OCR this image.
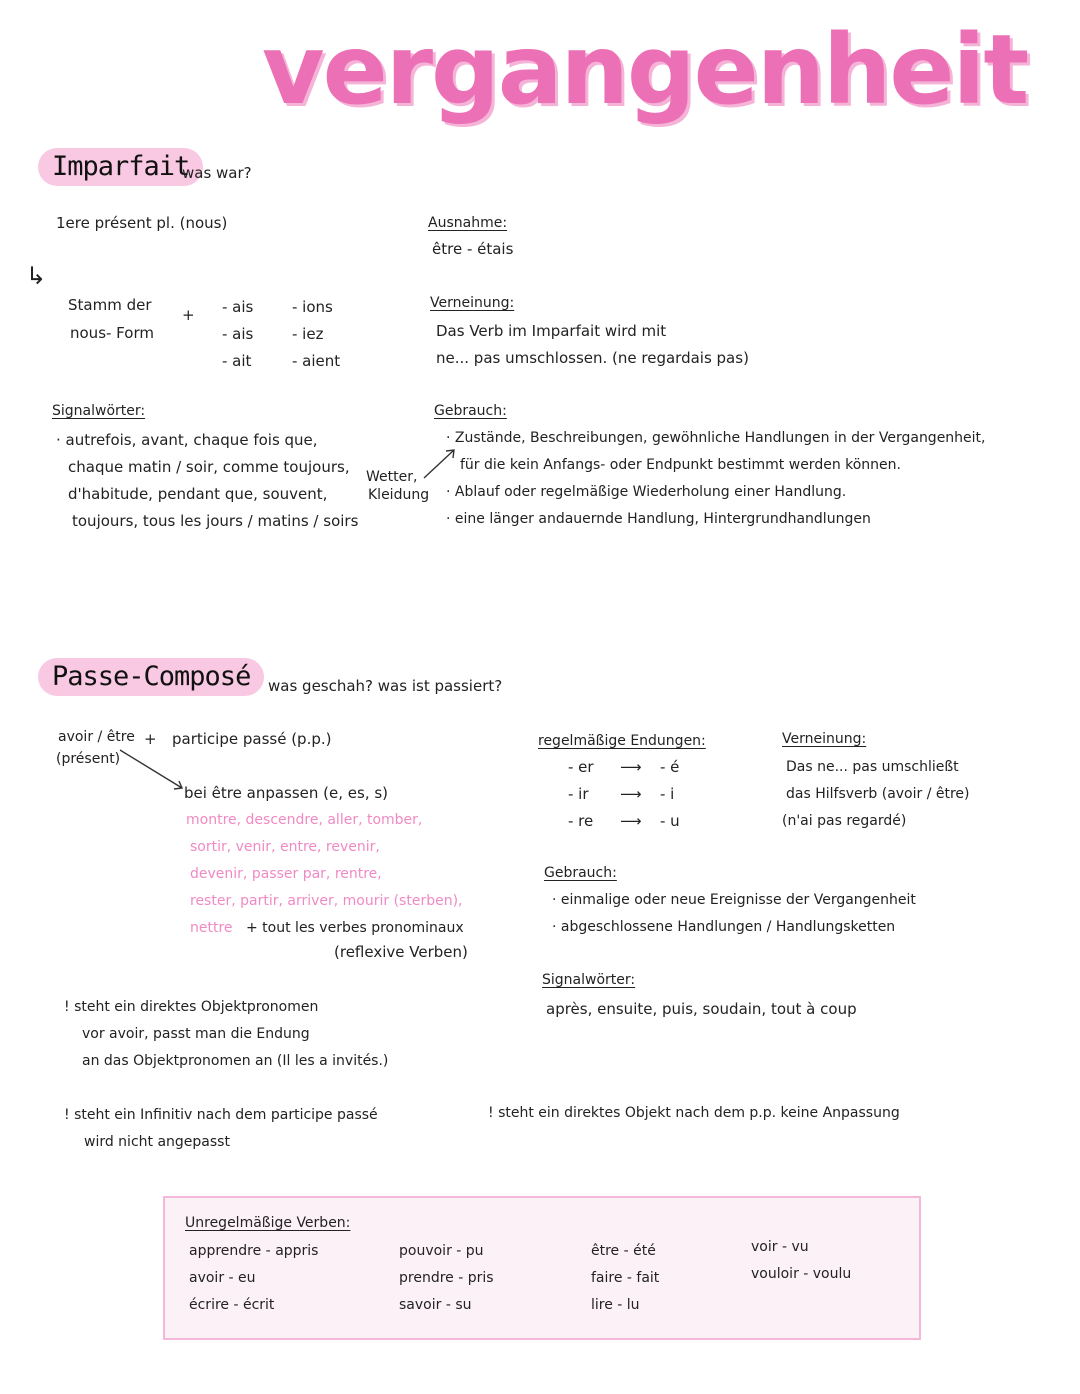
vergangenheit
Imparfait
was war?
1ere présent pl. (nous)
↳
Stamm der
nous- Form
+ - ais
- ais
- ait
- ions
- iez
- aient
Ausnahme:
être - étais
Verneinung:
Das Verb im Imparfait wird mit
ne... pas umschlossen. (ne regardais pas)
Signalwörter:
· autrefois, avant, chaque fois que,
chaque matin / soir, comme toujours,
d'habitude, pendant que, souvent,
toujours, tous les jours / matins / soirs
Wetter,
Kleidung
Gebrauch:
· Zustände, Beschreibungen, gewöhnliche Handlungen in der Vergangenheit,
für die kein Anfangs- oder Endpunkt bestimmt werden können.
· Ablauf oder regelmäßige Wiederholung einer Handlung.
· eine länger andauernde Handlung, Hintergrundhandlungen
Passe-Composé	was geschah? was ist passiert?
avoir / être
(présent)
+ participe passé (p.p.)
bei être anpassen (e, es, s)
montre, descendre, aller, tomber,
sortir, venir, entre, revenir,
devenir, passer par, rentre,
rester, partir, arriver, mourir (sterben),
nettre + tout les verbes pronominaux
(reflexive Verben)
regelmäßige Endungen:
- er ⟶ - é
- ir ⟶ - i
- re ⟶ - u
Verneinung:
Das ne... pas umschließt
das Hilfsverb (avoir / être)
(n'ai pas regardé)
Gebrauch:
· einmalige oder neue Ereignisse der Vergangenheit
· abgeschlossene Handlungen / Handlungsketten
Signalwörter:
après, ensuite, puis, soudain, tout à coup
! steht ein direktes Objektpronomen
vor avoir, passt man die Endung
an das Objektpronomen an (Il les a invités.)
! steht ein Infinitiv nach dem participe passé
wird nicht angepasst
! steht ein direktes Objekt nach dem p.p. keine Anpassung
Unregelmäßige Verben:
apprendre - appris
avoir - eu
écrire - écrit
pouvoir - pu
prendre - pris
savoir - su
être - été
faire - fait
lire - lu
voir - vu
vouloir - voulu
